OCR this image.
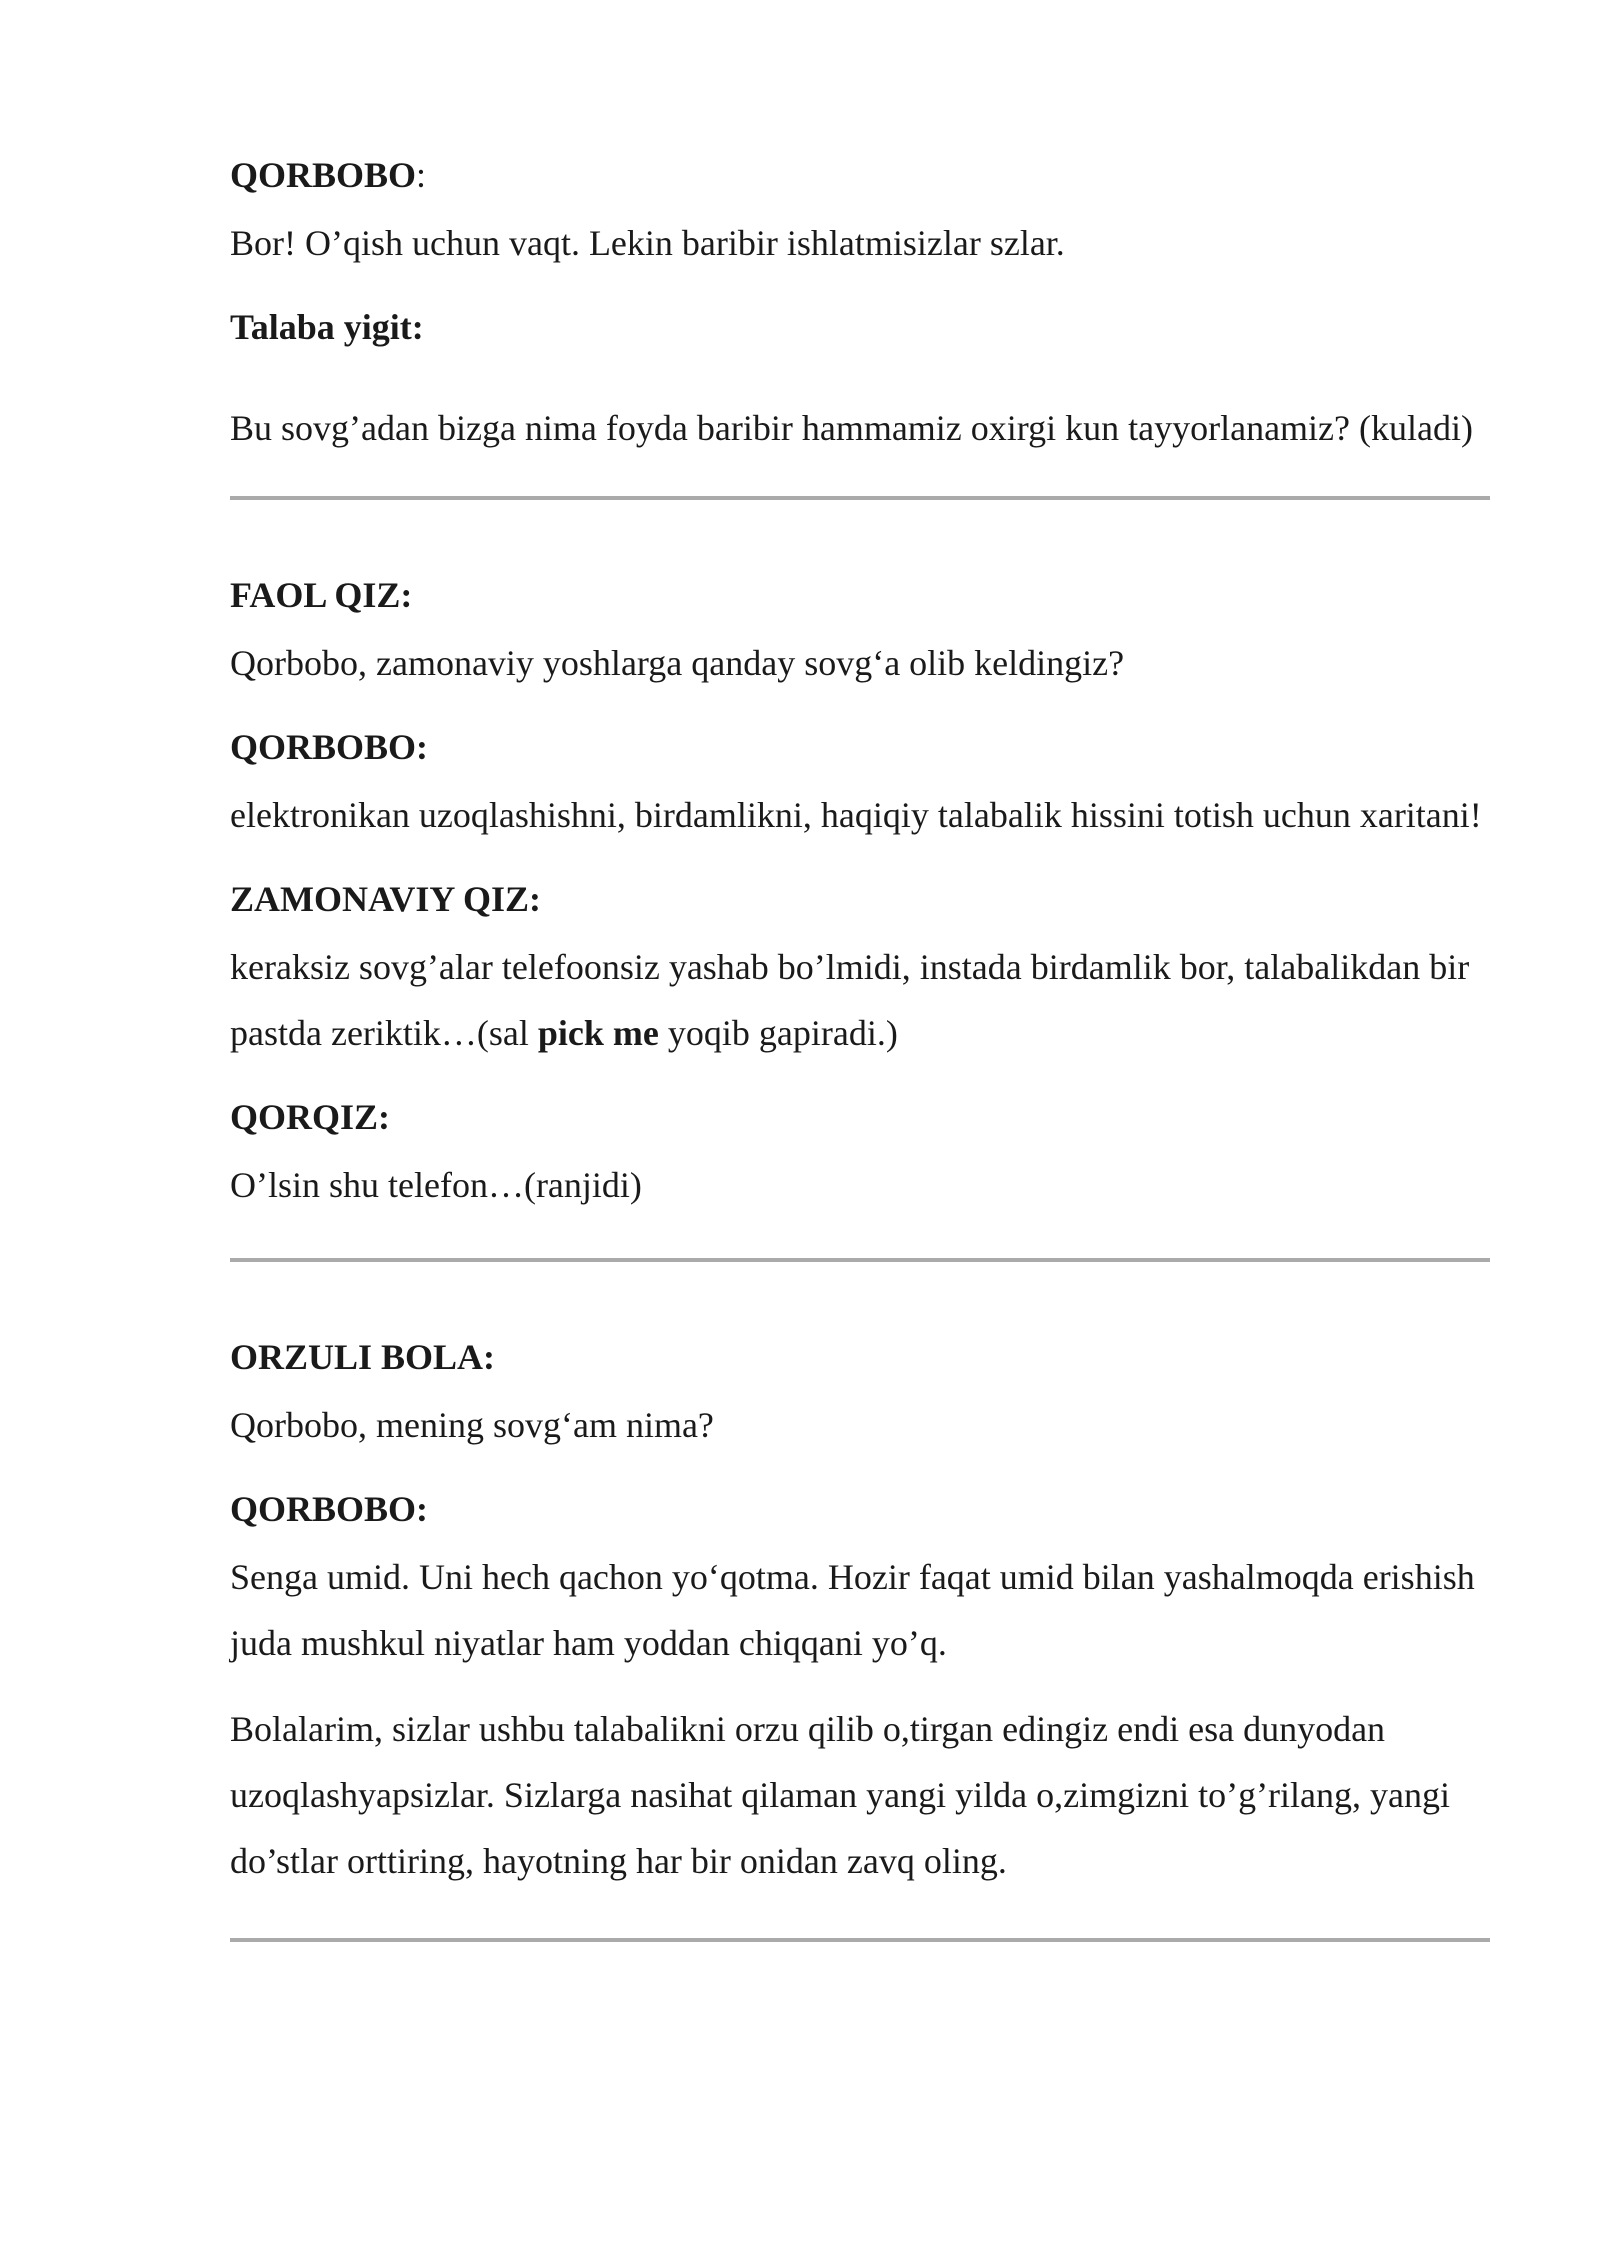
QORBOBO:

Bor! O’qish uchun vaqt. Lekin baribir ishlatmisizlar szlar.

Talaba yigit:

Bu sovg’adan bizga nima foyda baribir hammamiz oxirgi kun tayyorlanamiz? (kuladi)

FAOL QIZ:

Qorbobo, zamonaviy yoshlarga qanday sovg‘a olib keldingiz?

QORBOBO:

elektronikan uzoqlashishni, birdamlikni, haqiqiy talabalik hissini totish uchun xaritani!

ZAMONAVIY QIZ:

keraksiz sovg’alar telefoonsiz yashab bo’lmidi, instada birdamlik bor, talabalikdan bir pastda zeriktik…(sal pick me yoqib gapiradi.)

QORQIZ:

O’lsin shu telefon…(ranjidi)

ORZULI BOLA:

Qorbobo, mening sovg‘am nima?

QORBOBO:

Senga umid. Uni hech qachon yo‘qotma. Hozir faqat umid bilan yashalmoqda erishish juda mushkul niyatlar ham yoddan chiqqani yo’q.

Bolalarim, sizlar ushbu talabalikni orzu qilib o,tirgan edingiz endi esa dunyodan uzoqlashyapsizlar. Sizlarga nasihat qilaman yangi yilda o,zimgizni to’g’rilang, yangi do’stlar orttiring, hayotning har bir onidan zavq oling.
